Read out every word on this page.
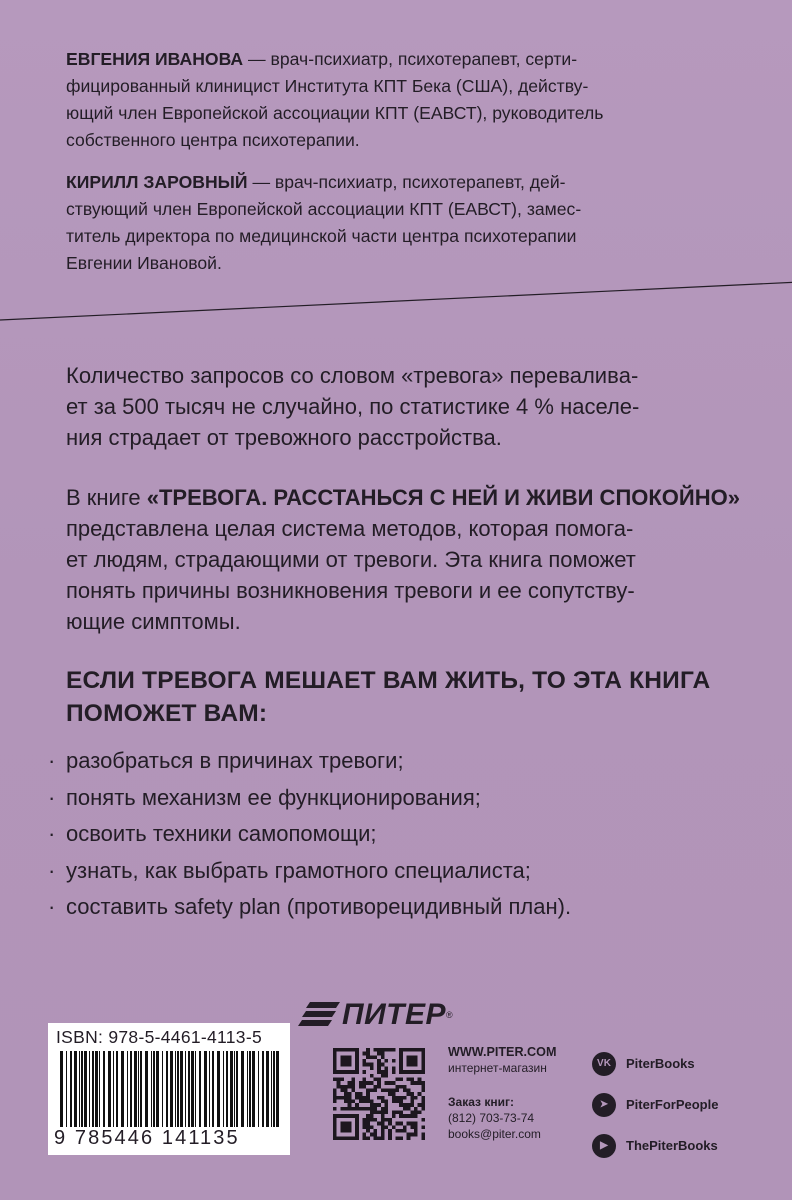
ЕВГЕНИЯ ИВАНОВА — врач-психиатр, психотерапевт, серти-
фицированный клиницист Института КПТ Бека (США), действу-
ющий член Европейской ассоциации КПТ (ЕАВСТ), руководитель
собственного центра психотерапии.

КИРИЛЛ ЗАРОВНЫЙ — врач-психиатр, психотерапевт, дей-
ствующий член Европейской ассоциации КПТ (ЕАВСТ), замес-
титель директора по медицинской части центра психотерапии
Евгении Ивановой.

Количество запросов со словом «тревога» переваливa-
ет за 500 тысяч не случайно, по статистике 4 % населе-
ния страдает от тревожного расстройства.
В книге «ТРЕВОГА. РАССТАНЬСЯ С НЕЙ И ЖИВИ СПОКОЙНО»
представлена целая система методов, которая помога-
ет людям, страдающими от тревоги. Эта книга поможет
понять причины возникновения тревоги и ее сопутству-
ющие симптомы.
ЕСЛИ ТРЕВОГА МЕШАЕТ ВАМ ЖИТЬ, ТО ЭТА КНИГА
ПОМОЖЕТ ВАМ:
· разобраться в причинах тревоги;
· понять механизм ее функционирования;
· освоить техники самопомощи;
· узнать, как выбрать грамотного специалиста;
· составить safety plan (противорецидивный план).
ISBN: 978-5-4461-4113-5
9 785446 141135
ПИТЕР ®
WWW.PITER.COM
интернет-магазин
Заказ книг:
(812) 703-73-74
books@piter.com
VK	PiterBooks
➤	PiterForPeople
▶	ThePiterBooks
